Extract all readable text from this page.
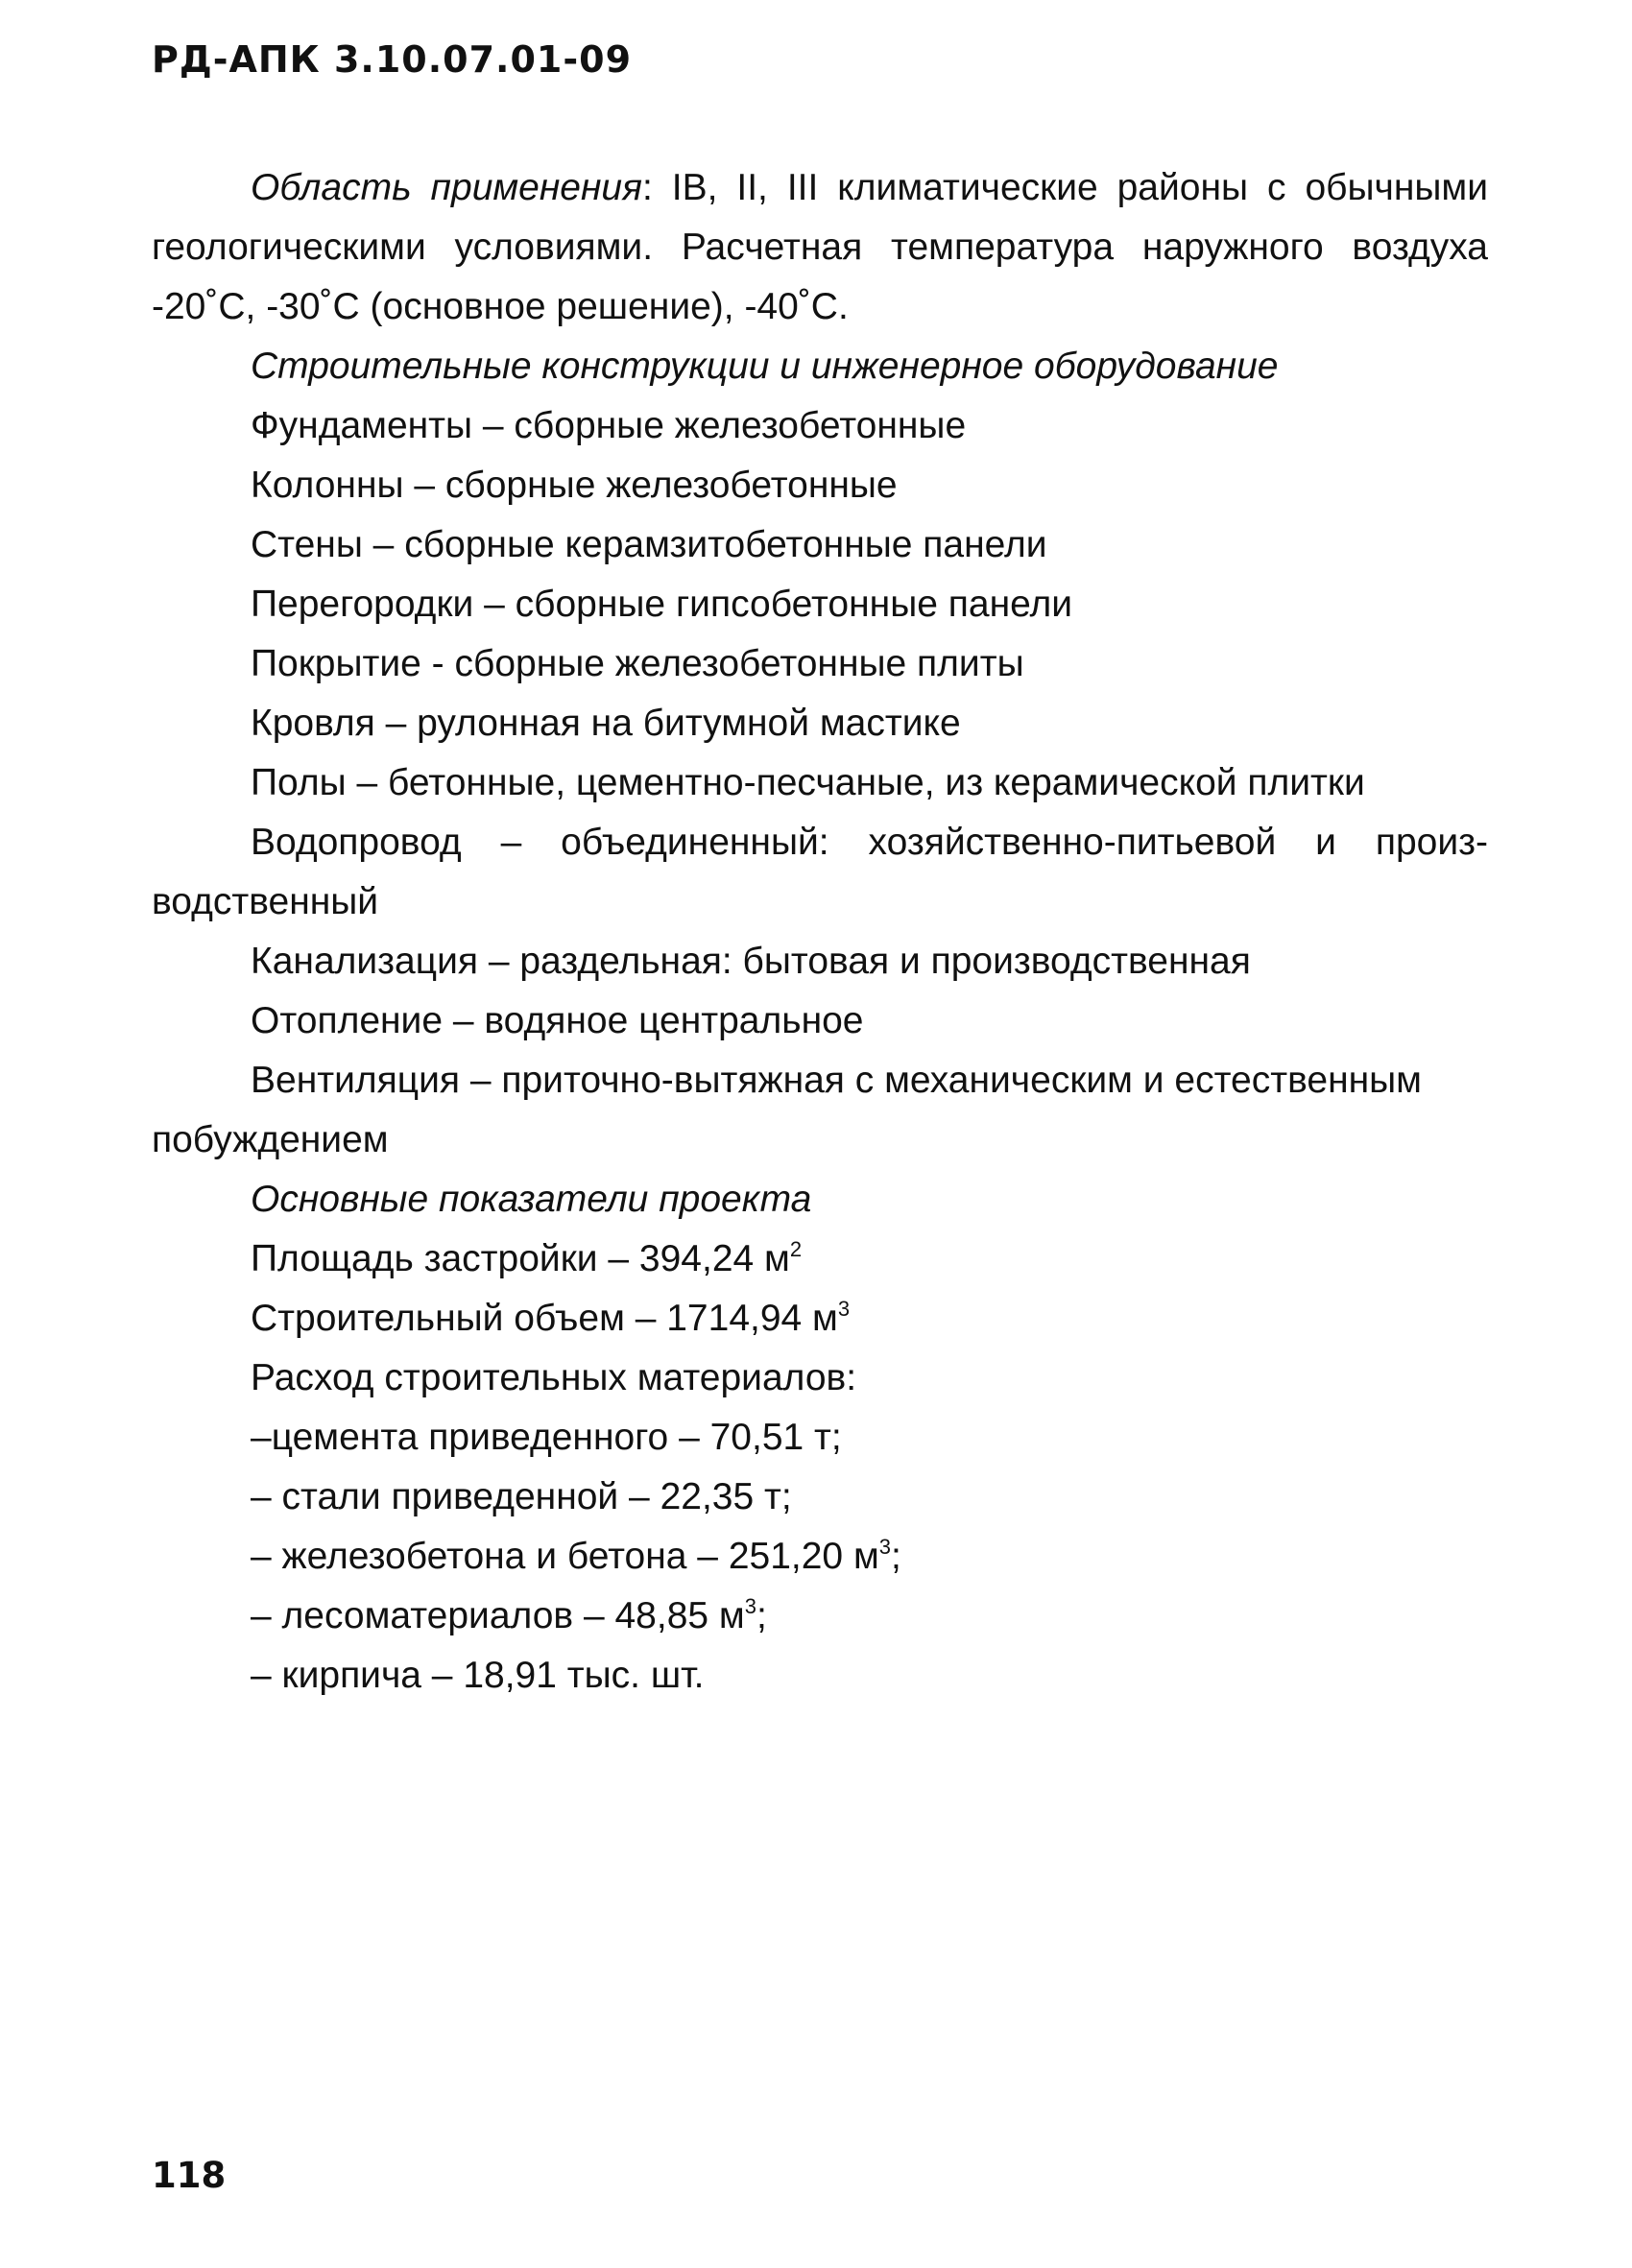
РД-АПК 3.10.07.01-09

Область применения: IB, II, III климатические районы с обычными геологическими условиями. Расчетная температура наружного воздуха -20˚С, -30˚С (основное решение), -40˚С.

Строительные конструкции и инженерное оборудование

Фундаменты – сборные железобетонные

Колонны – сборные железобетонные

Стены – сборные керамзитобетонные панели

Перегородки – сборные гипсобетонные панели

Покрытие - сборные железобетонные плиты

Кровля – рулонная на битумной мастике

Полы – бетонные, цементно-песчаные, из керамической плитки

Водопровод – объединенный: хозяйственно-питьевой и произ-

водственный

Канализация – раздельная: бытовая и производственная

Отопление – водяное центральное

Вентиляция – приточно-вытяжная с механическим и естественным побуждением

Основные показатели проекта

Площадь застройки – 394,24 $м^2$

Строительный объем – 1714,94 $м^3$

Расход строительных материалов:

–цемента приведенного – 70,51 т;

– стали приведенной – 22,35 т;

– железобетона и бетона – 251,20 $м^3$;

– лесоматериалов – 48,85 $м^3$;

– кирпича – 18,91 тыс. шт.

118
